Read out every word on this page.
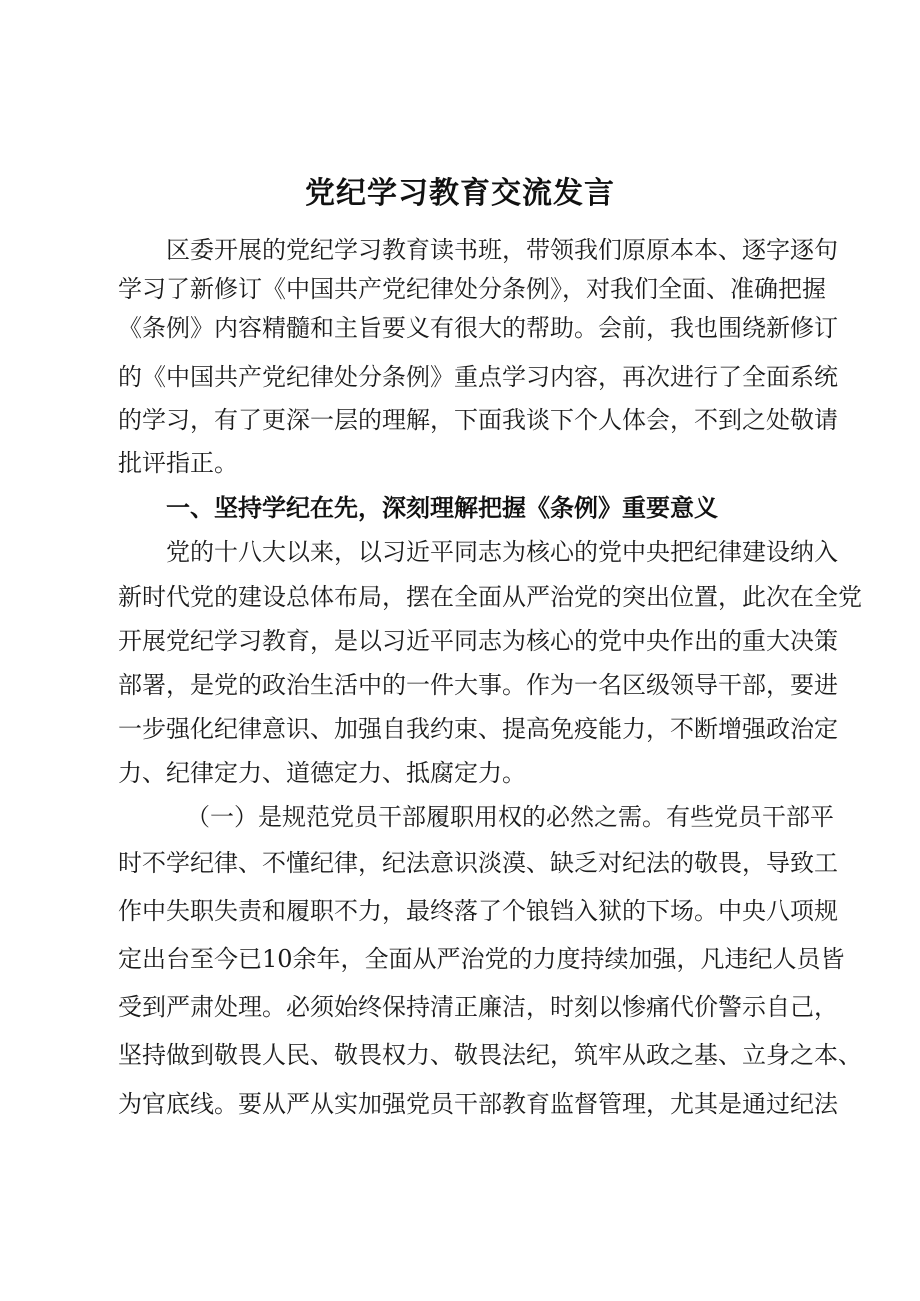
党纪学习教育交流发言
区委开展的党纪学习教育读书班，带领我们原原本本、逐字逐句
学习了新修订《中国共产党纪律处分条例》，对我们全面、准确把握
《条例》内容精髓和主旨要义有很大的帮助。会前，我也围绕新修订
的《中国共产党纪律处分条例》重点学习内容，再次进行了全面系统
的学习，有了更深一层的理解，下面我谈下个人体会，不到之处敬请
批评指正。
一、坚持学纪在先，深刻理解把握《条例》重要意义
党的十八大以来，以习近平同志为核心的党中央把纪律建设纳入
新时代党的建设总体布局，摆在全面从严治党的突出位置，此次在全党
开展党纪学习教育，是以习近平同志为核心的党中央作出的重大决策
部署，是党的政治生活中的一件大事。作为一名区级领导干部，要进
一步强化纪律意识、加强自我约束、提高免疫能力，不断增强政治定
力、纪律定力、道德定力、抵腐定力。
（一）是规范党员干部履职用权的必然之需。有些党员干部平
时不学纪律、不懂纪律，纪法意识淡漠、缺乏对纪法的敬畏，导致工
作中失职失责和履职不力，最终落了个锒铛入狱的下场。中央八项规
定出台至今已10余年，全面从严治党的力度持续加强，凡违纪人员皆
受到严肃处理。必须始终保持清正廉洁，时刻以惨痛代价警示自己，
坚持做到敬畏人民、敬畏权力、敬畏法纪，筑牢从政之基、立身之本、
为官底线。要从严从实加强党员干部教育监督管理，尤其是通过纪法
